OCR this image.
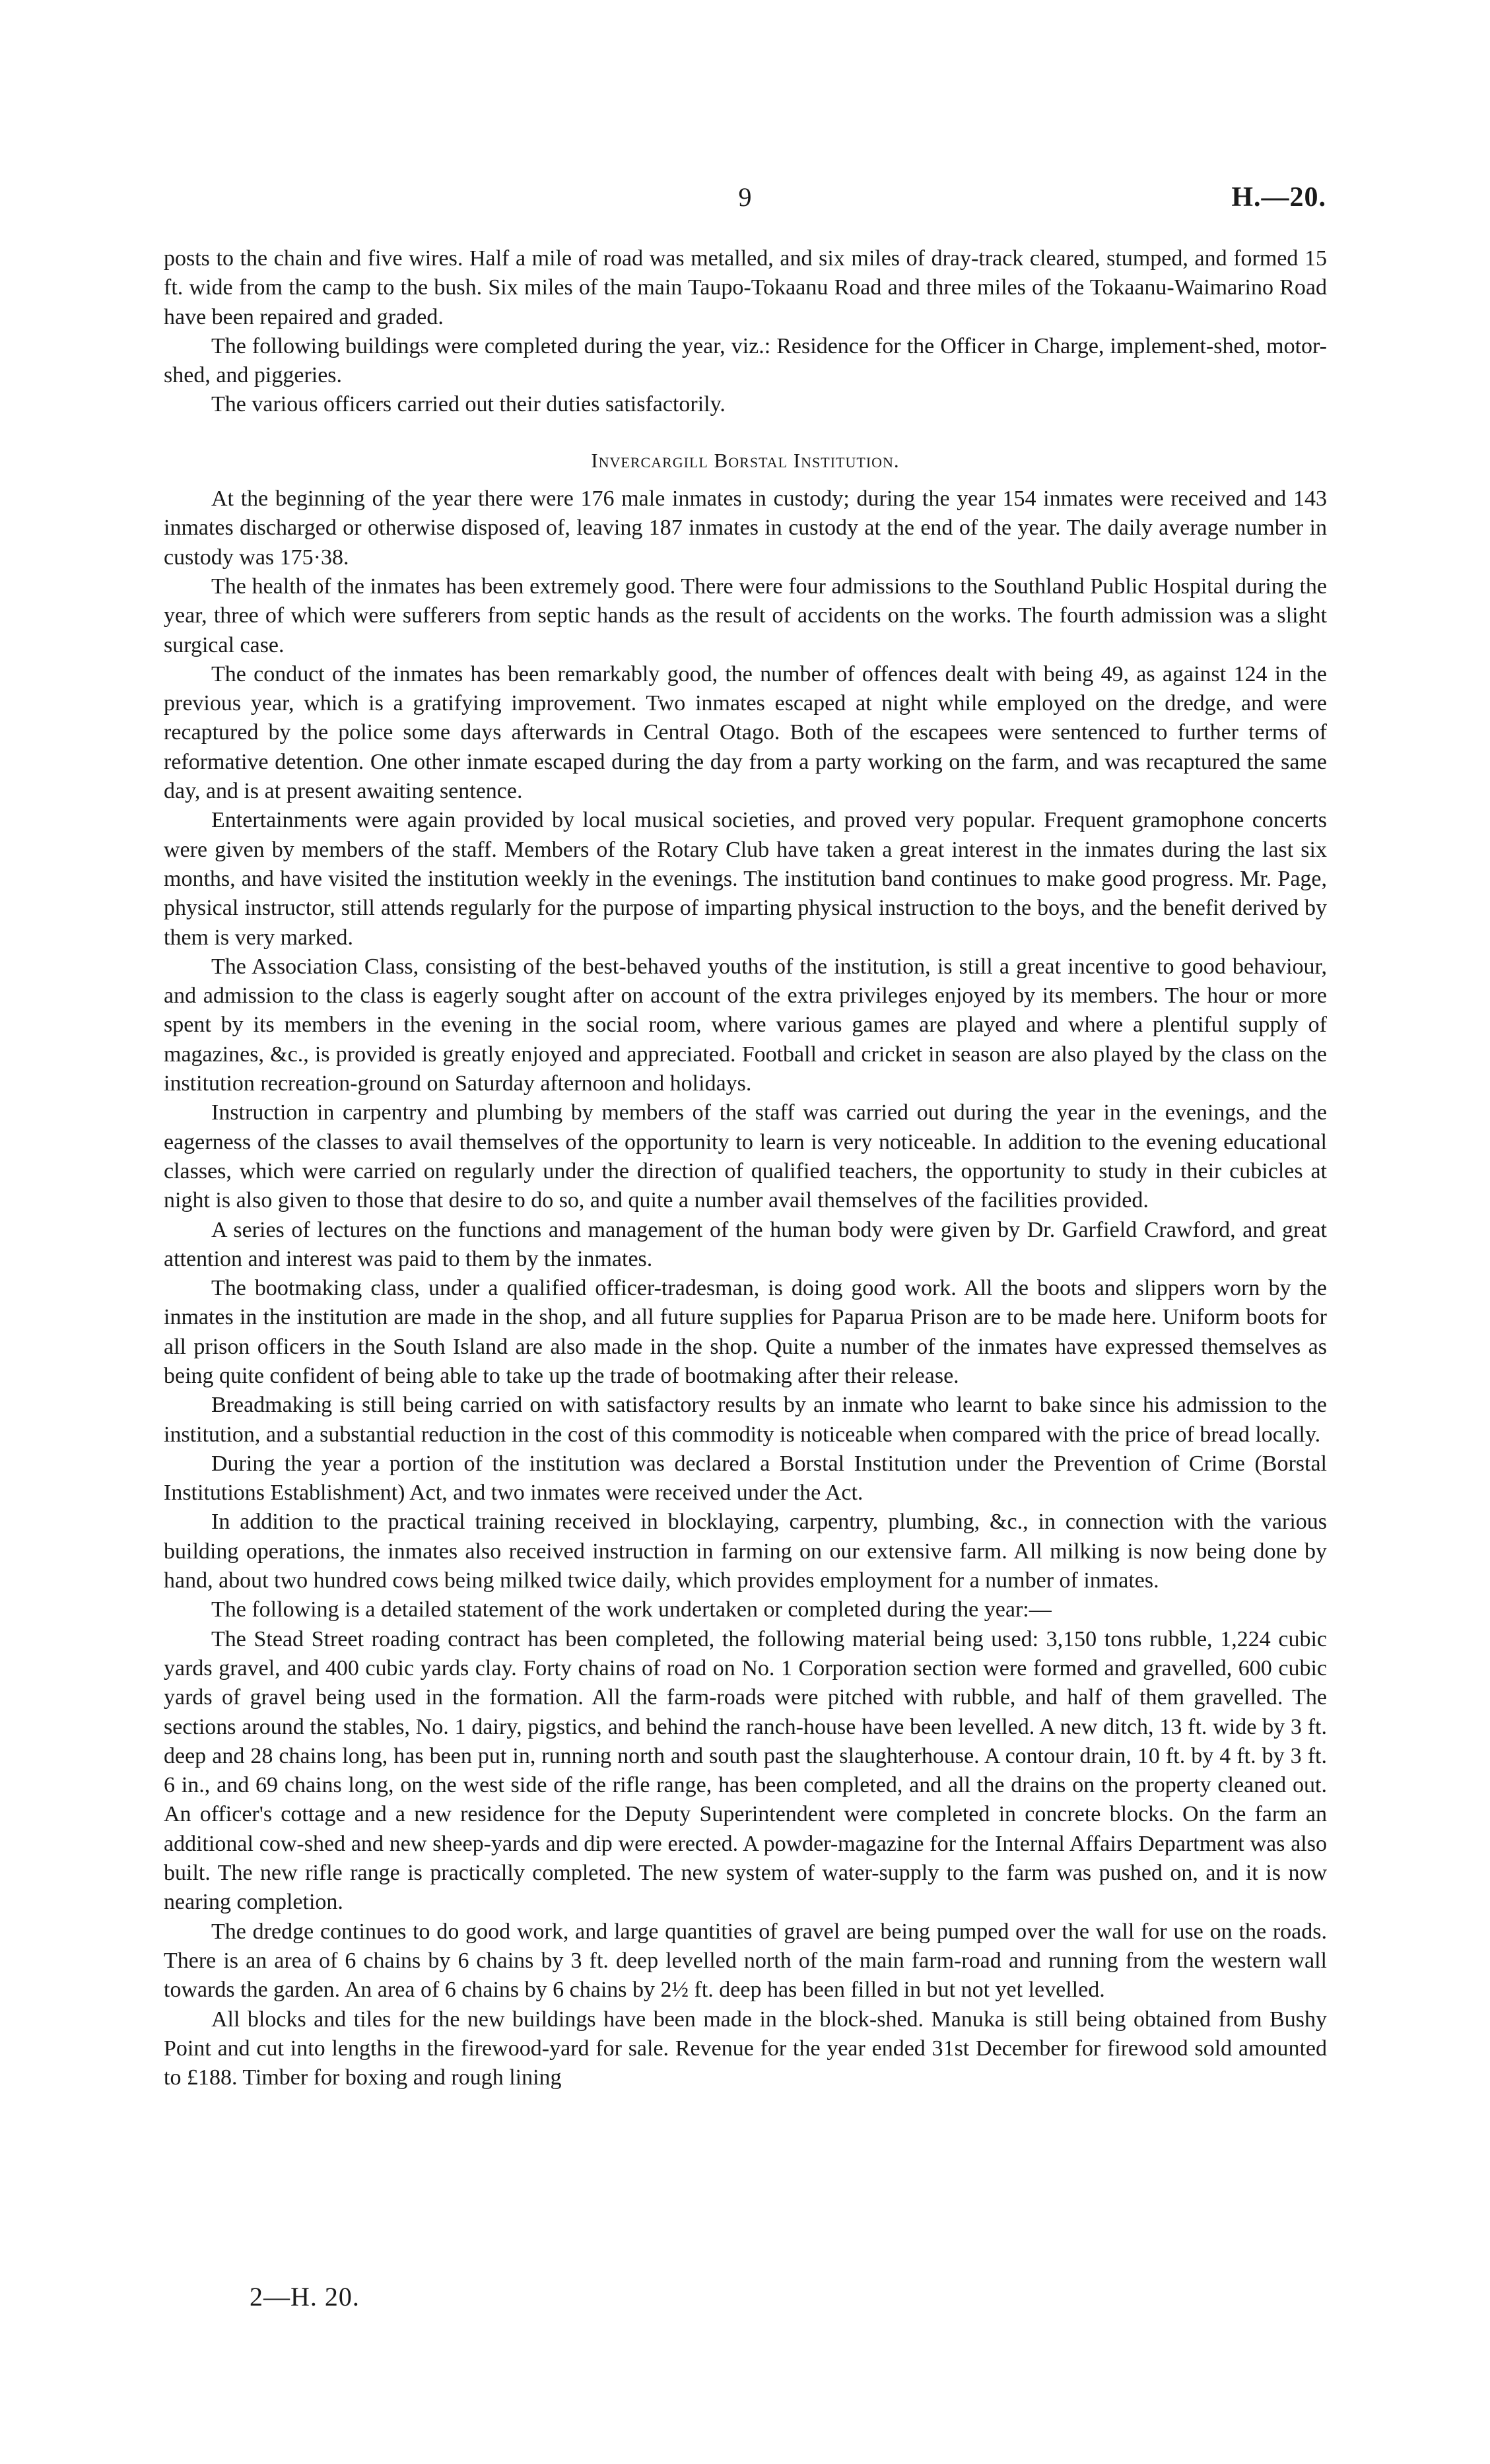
9	H.—20.

posts to the chain and five wires. Half a mile of road was metalled, and six miles of dray-track cleared, stumped, and formed 15 ft. wide from the camp to the bush. Six miles of the main Taupo-Tokaanu Road and three miles of the Tokaanu-Waimarino Road have been repaired and graded.

The following buildings were completed during the year, viz.: Residence for the Officer in Charge, implement-shed, motor-shed, and piggeries.

The various officers carried out their duties satisfactorily.

Invercargill Borstal Institution.

At the beginning of the year there were 176 male inmates in custody; during the year 154 inmates were received and 143 inmates discharged or otherwise disposed of, leaving 187 inmates in custody at the end of the year. The daily average number in custody was 175·38.

The health of the inmates has been extremely good. There were four admissions to the Southland Public Hospital during the year, three of which were sufferers from septic hands as the result of accidents on the works. The fourth admission was a slight surgical case.

The conduct of the inmates has been remarkably good, the number of offences dealt with being 49, as against 124 in the previous year, which is a gratifying improvement. Two inmates escaped at night while employed on the dredge, and were recaptured by the police some days afterwards in Central Otago. Both of the escapees were sentenced to further terms of reformative detention. One other inmate escaped during the day from a party working on the farm, and was recaptured the same day, and is at present awaiting sentence.

Entertainments were again provided by local musical societies, and proved very popular. Frequent gramophone concerts were given by members of the staff. Members of the Rotary Club have taken a great interest in the inmates during the last six months, and have visited the institution weekly in the evenings. The institution band continues to make good progress. Mr. Page, physical instructor, still attends regularly for the purpose of imparting physical instruction to the boys, and the benefit derived by them is very marked.

The Association Class, consisting of the best-behaved youths of the institution, is still a great incentive to good behaviour, and admission to the class is eagerly sought after on account of the extra privileges enjoyed by its members. The hour or more spent by its members in the evening in the social room, where various games are played and where a plentiful supply of magazines, &c., is provided is greatly enjoyed and appreciated. Football and cricket in season are also played by the class on the institution recreation-ground on Saturday afternoon and holidays.

Instruction in carpentry and plumbing by members of the staff was carried out during the year in the evenings, and the eagerness of the classes to avail themselves of the opportunity to learn is very noticeable. In addition to the evening educational classes, which were carried on regularly under the direction of qualified teachers, the opportunity to study in their cubicles at night is also given to those that desire to do so, and quite a number avail themselves of the facilities provided.

A series of lectures on the functions and management of the human body were given by Dr. Garfield Crawford, and great attention and interest was paid to them by the inmates.

The bootmaking class, under a qualified officer-tradesman, is doing good work. All the boots and slippers worn by the inmates in the institution are made in the shop, and all future supplies for Paparua Prison are to be made here. Uniform boots for all prison officers in the South Island are also made in the shop. Quite a number of the inmates have expressed themselves as being quite confident of being able to take up the trade of bootmaking after their release.

Breadmaking is still being carried on with satisfactory results by an inmate who learnt to bake since his admission to the institution, and a substantial reduction in the cost of this commodity is noticeable when compared with the price of bread locally.

During the year a portion of the institution was declared a Borstal Institution under the Prevention of Crime (Borstal Institutions Establishment) Act, and two inmates were received under the Act.

In addition to the practical training received in blocklaying, carpentry, plumbing, &c., in connection with the various building operations, the inmates also received instruction in farming on our extensive farm. All milking is now being done by hand, about two hundred cows being milked twice daily, which provides employment for a number of inmates.

The following is a detailed statement of the work undertaken or completed during the year:—

The Stead Street roading contract has been completed, the following material being used: 3,150 tons rubble, 1,224 cubic yards gravel, and 400 cubic yards clay. Forty chains of road on No. 1 Corporation section were formed and gravelled, 600 cubic yards of gravel being used in the formation. All the farm-roads were pitched with rubble, and half of them gravelled. The sections around the stables, No. 1 dairy, pigstics, and behind the ranch-house have been levelled. A new ditch, 13 ft. wide by 3 ft. deep and 28 chains long, has been put in, running north and south past the slaughterhouse. A contour drain, 10 ft. by 4 ft. by 3 ft. 6 in., and 69 chains long, on the west side of the rifle range, has been completed, and all the drains on the property cleaned out. An officer's cottage and a new residence for the Deputy Superintendent were completed in concrete blocks. On the farm an additional cow-shed and new sheep-yards and dip were erected. A powder-magazine for the Internal Affairs Department was also built. The new rifle range is practically completed. The new system of water-supply to the farm was pushed on, and it is now nearing completion.

The dredge continues to do good work, and large quantities of gravel are being pumped over the wall for use on the roads. There is an area of 6 chains by 6 chains by 3 ft. deep levelled north of the main farm-road and running from the western wall towards the garden. An area of 6 chains by 6 chains by 2½ ft. deep has been filled in but not yet levelled.

All blocks and tiles for the new buildings have been made in the block-shed. Manuka is still being obtained from Bushy Point and cut into lengths in the firewood-yard for sale. Revenue for the year ended 31st December for firewood sold amounted to £188. Timber for boxing and rough lining

2—H. 20.
